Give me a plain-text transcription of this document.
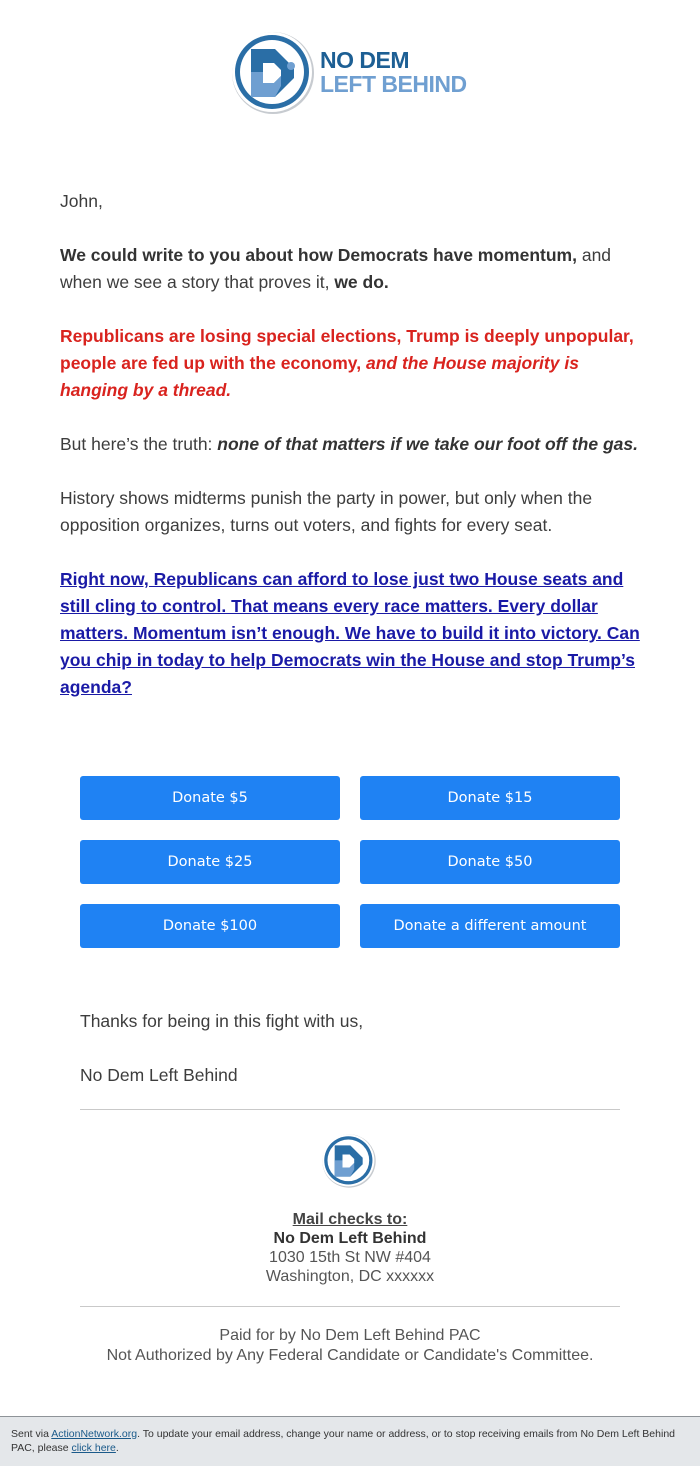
NO DEM
LEFT BEHIND

John,

We could write to you about how Democrats have momentum, and when we see a story that proves it, we do.

Republicans are losing special elections, Trump is deeply unpopular, people are fed up with the economy, and the House majority is hanging by a thread.

But here’s the truth: none of that matters if we take our foot off the gas.

History shows midterms punish the party in power, but only when the opposition organizes, turns out voters, and fights for every seat.

Right now, Republicans can afford to lose just two House seats and still cling to control. That means every race matters. Every dollar matters. Momentum isn’t enough. We have to build it into victory. Can you chip in today to help Democrats win the House and stop Trump’s agenda?

Donate $5	Donate $15
Donate $25	Donate $50
Donate $100	Donate a different amount

Thanks for being in this fight with us,

No Dem Left Behind

Mail checks to:
No Dem Left Behind
1030 15th St NW #404
Washington, DC xxxxxx
Paid for by No Dem Left Behind PAC
Not Authorized by Any Federal Candidate or Candidate's Committee.
Sent via ActionNetwork.org. To update your email address, change your name or address, or to stop receiving emails from No Dem Left Behind PAC, please click here.
